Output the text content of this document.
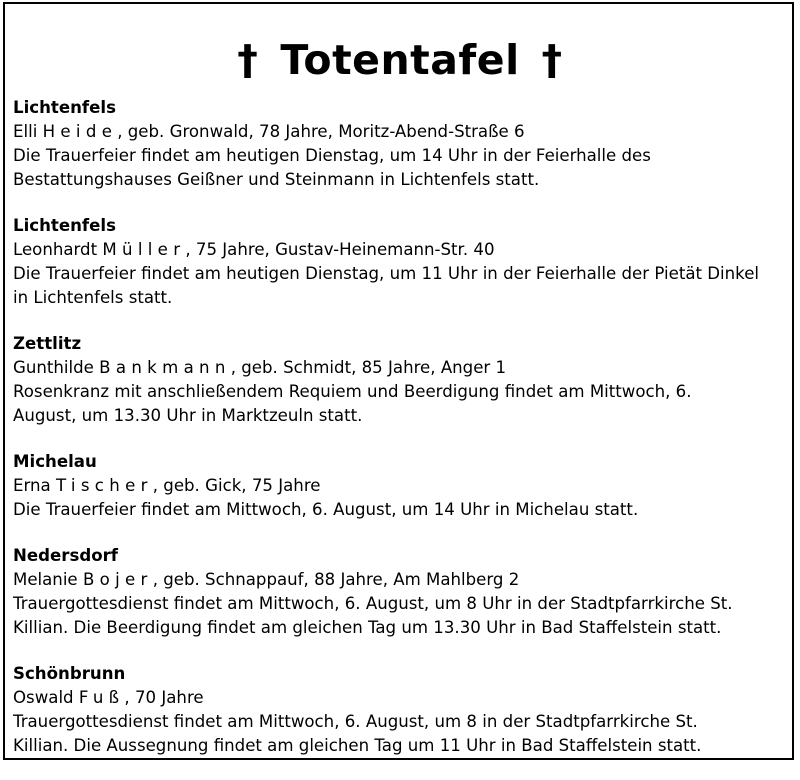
† Totentafel †

Lichtenfels

Elli Heide, geb. Gronwald, 78 Jahre, Moritz-Abend-Straße 6

Die Trauerfeier findet am heutigen Dienstag, um 14 Uhr in der Feierhalle des

Bestattungshauses Geißner und Steinmann in Lichtenfels statt.

Lichtenfels

Leonhardt Müller, 75 Jahre, Gustav-Heinemann-Str. 40

Die Trauerfeier findet am heutigen Dienstag, um 11 Uhr in der Feierhalle der Pietät Dinkel

in Lichtenfels statt.

Zettlitz

Gunthilde Bankmann, geb. Schmidt, 85 Jahre, Anger 1

Rosenkranz mit anschließendem Requiem und Beerdigung findet am Mittwoch, 6.

August, um 13.30 Uhr in Marktzeuln statt.

Michelau

Erna Tischer, geb. Gick, 75 Jahre

Die Trauerfeier findet am Mittwoch, 6. August, um 14 Uhr in Michelau statt.

Nedersdorf

Melanie Bojer, geb. Schnappauf, 88 Jahre, Am Mahlberg 2

Trauergottesdienst findet am Mittwoch, 6. August, um 8 Uhr in der Stadtpfarrkirche St.

Killian. Die Beerdigung findet am gleichen Tag um 13.30 Uhr in Bad Staffelstein statt.

Schönbrunn

Oswald Fuß, 70 Jahre

Trauergottesdienst findet am Mittwoch, 6. August, um 8 in der Stadtpfarrkirche St.

Killian. Die Aussegnung findet am gleichen Tag um 11 Uhr in Bad Staffelstein statt.
